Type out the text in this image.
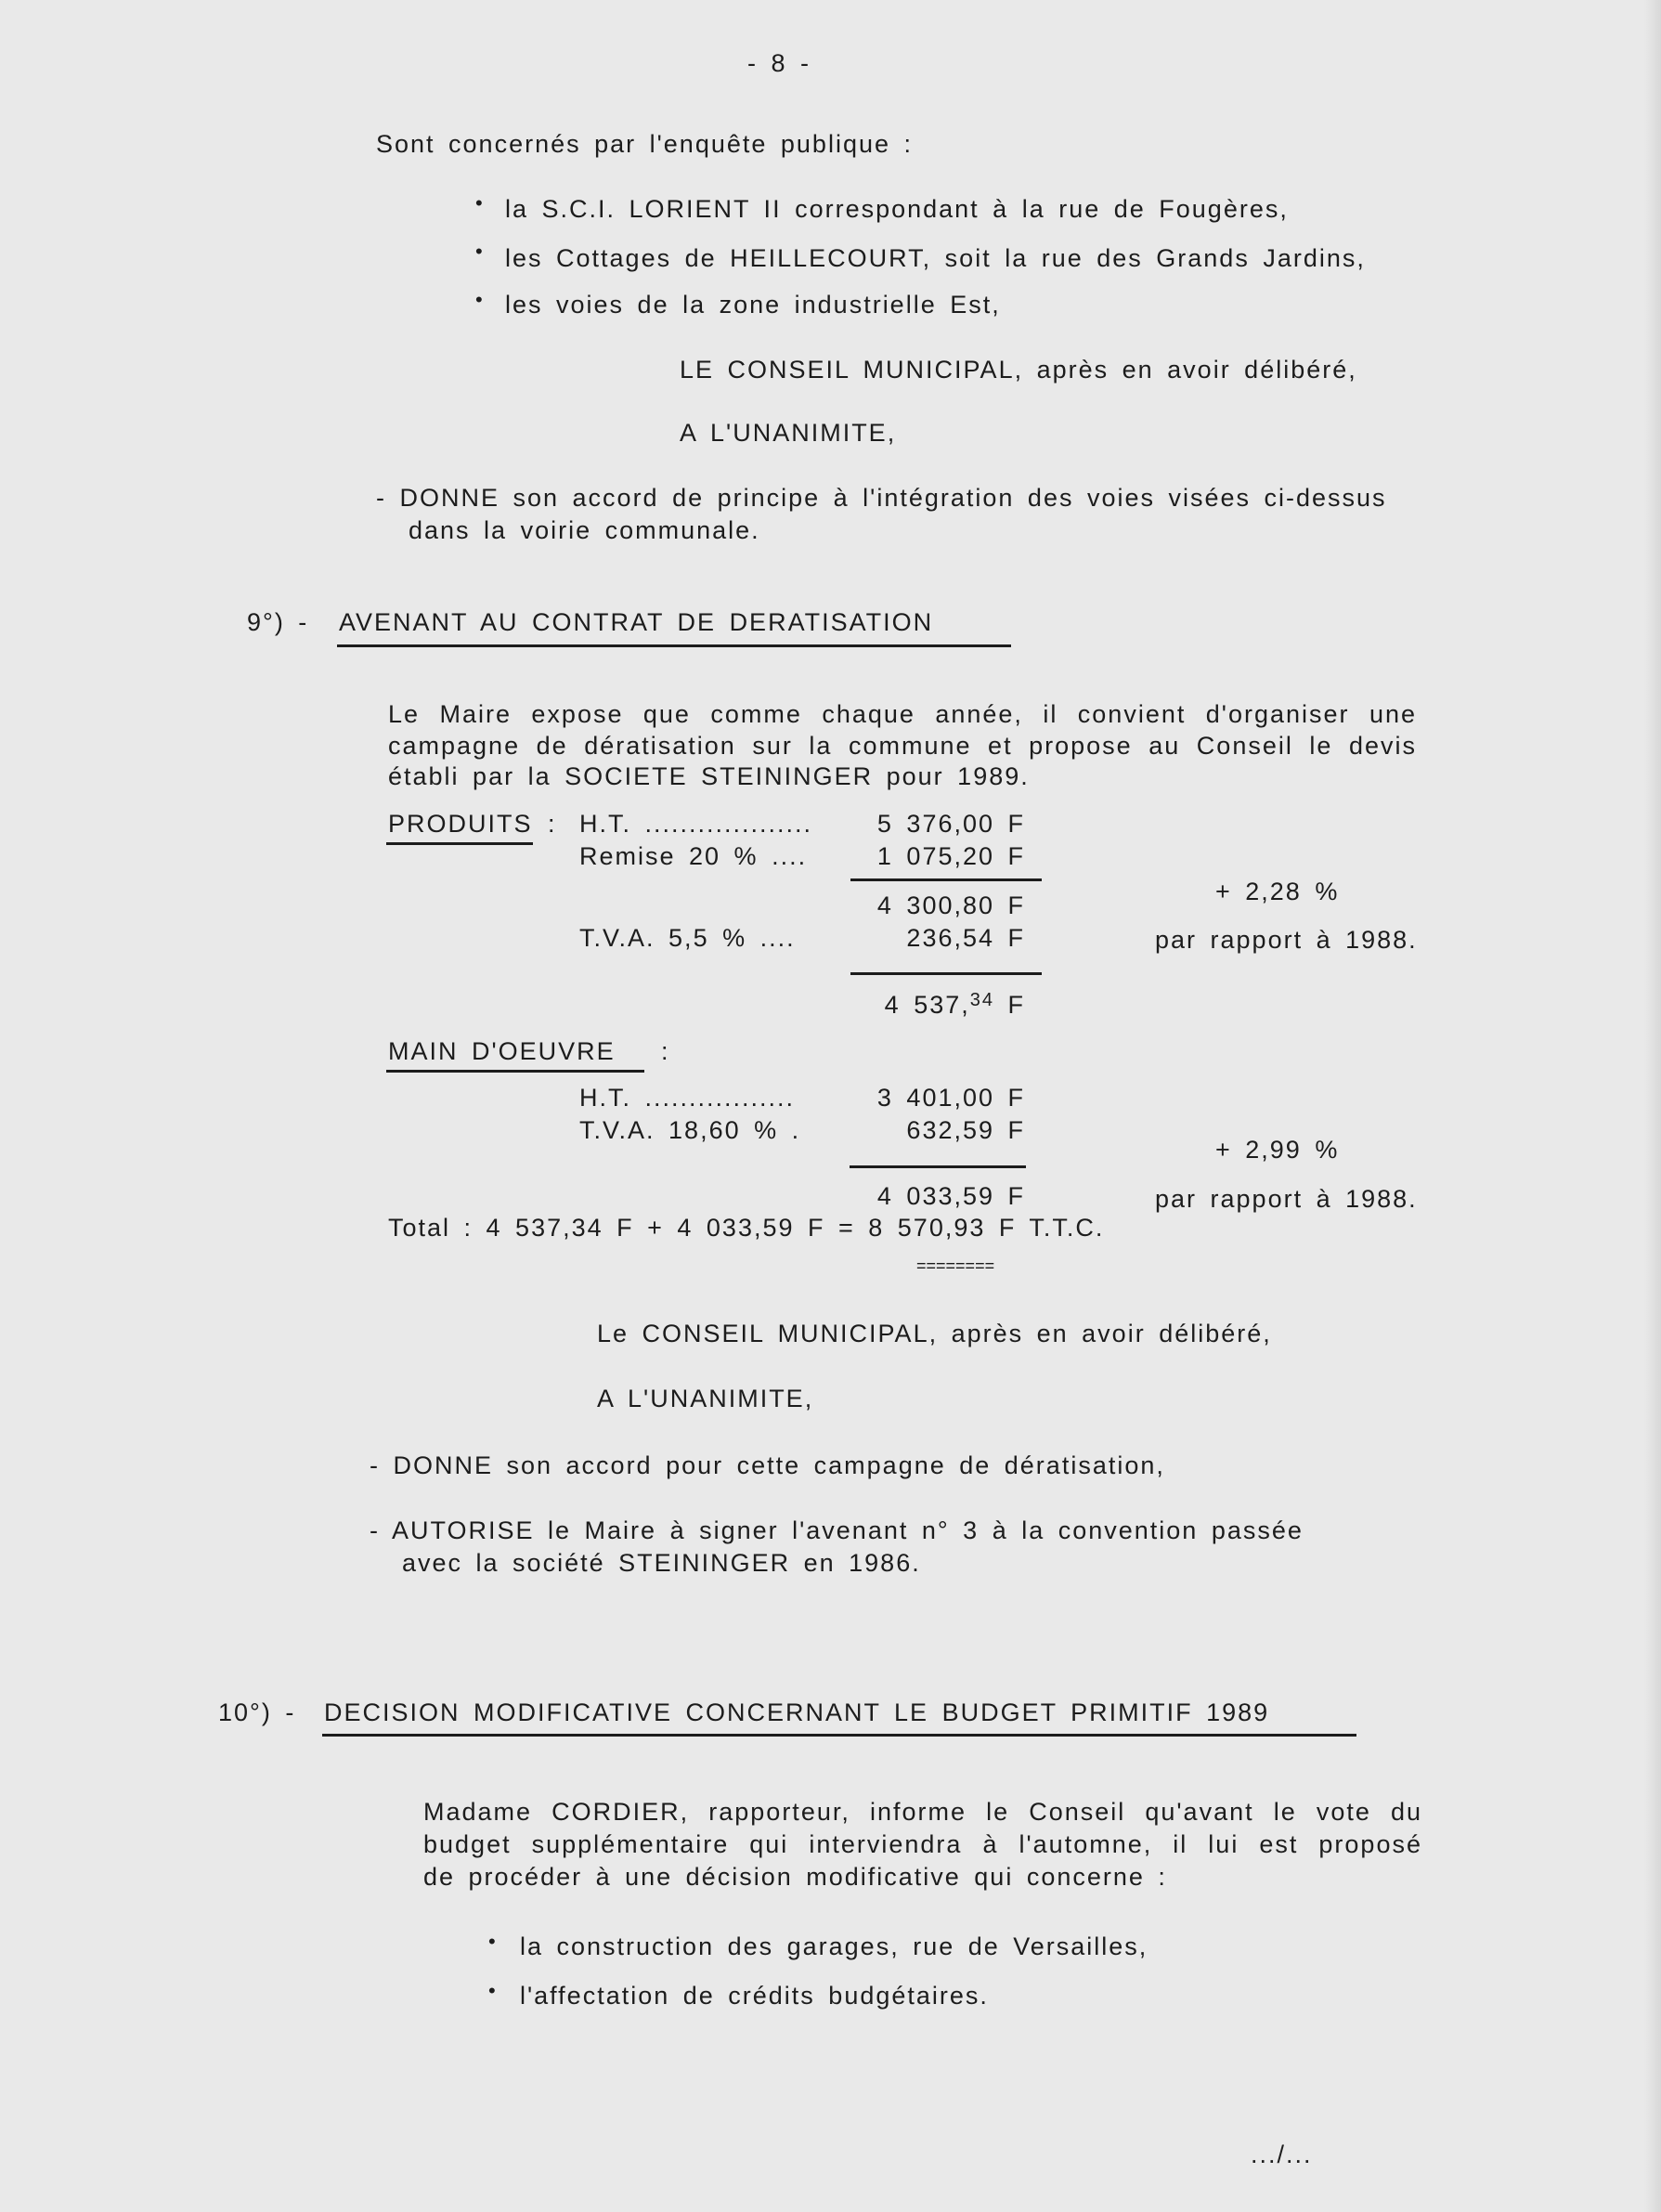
- 8 -
Sont concernés par l'enquête publique :
• la S.C.I. LORIENT II correspondant à la rue de Fougères,
• les Cottages de HEILLECOURT, soit la rue des Grands Jardins,
• les voies de la zone industrielle Est,
LE CONSEIL MUNICIPAL, après en avoir délibéré,
A L'UNANIMITE,
- DONNE son accord de principe à l'intégration des voies visées ci-dessus
dans la voirie communale.
9°) - AVENANT AU CONTRAT DE DERATISATION
Le Maire expose que comme chaque année, il convient d'organiser une
campagne de dératisation sur la commune et propose au Conseil le devis
établi par la SOCIETE STEININGER pour 1989.
PRODUITS : H.T. ...................	5 376,00 F
Remise 20 % ....	1 075,20 F
4 300,80 F
T.V.A. 5,5 % ....	236,54 F
4 537,34 F
+ 2,28 %
par rapport à 1988.
MAIN D'OEUVRE :
H.T. .................	3 401,00 F
T.V.A. 18,60 % .	632,59 F
4 033,59 F
+ 2,99 %
par rapport à 1988.
Total : 4 537,34 F + 4 033,59 F = 8 570,93 F T.T.C.
========
Le CONSEIL MUNICIPAL, après en avoir délibéré,
A L'UNANIMITE,
- DONNE son accord pour cette campagne de dératisation,
- AUTORISE le Maire à signer l'avenant n° 3 à la convention passée
avec la société STEININGER en 1986.
10°) - DECISION MODIFICATIVE CONCERNANT LE BUDGET PRIMITIF 1989
Madame CORDIER, rapporteur, informe le Conseil qu'avant le vote du
budget supplémentaire qui interviendra à l'automne, il lui est proposé
de procéder à une décision modificative qui concerne :
• la construction des garages, rue de Versailles,
• l'affectation de crédits budgétaires.
.../...
